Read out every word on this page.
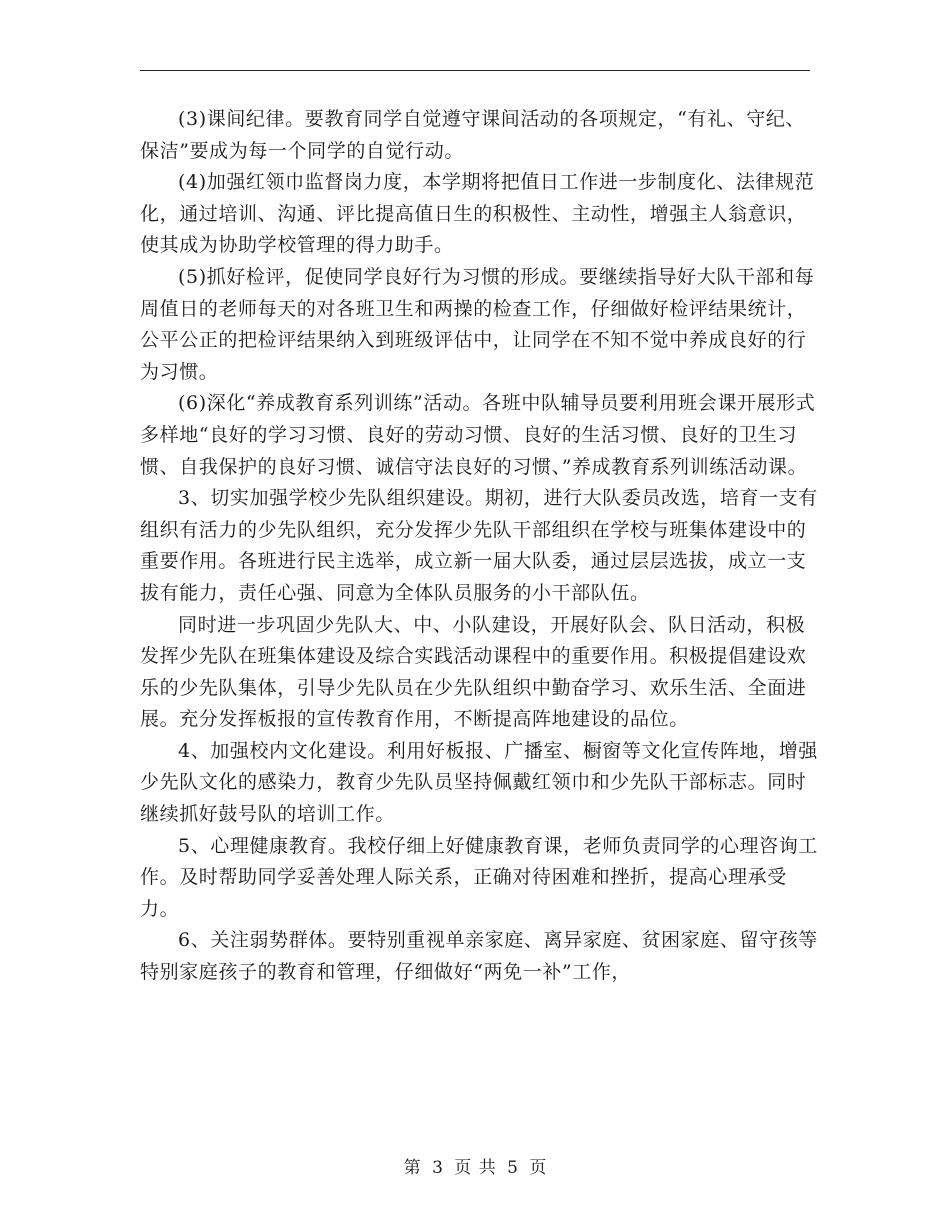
(3)课间纪律。要教育同学自觉遵守课间活动的各项规定，“有礼、守纪、保洁”要成为每一个同学的自觉行动。

(4)加强红领巾监督岗力度，本学期将把值日工作进一步制度化、法律规范化，通过培训、沟通、评比提高值日生的积极性、主动性，增强主人翁意识，使其成为协助学校管理的得力助手。

(5)抓好检评，促使同学良好行为习惯的形成。要继续指导好大队干部和每周值日的老师每天的对各班卫生和两操的检查工作，仔细做好检评结果统计，公平公正的把检评结果纳入到班级评估中，让同学在不知不觉中养成良好的行为习惯。

(6)深化“养成教育系列训练”活动。各班中队辅导员要利用班会课开展形式多样地“良好的学习习惯、良好的劳动习惯、良好的生活习惯、良好的卫生习惯、自我保护的良好习惯、诚信守法良好的习惯、”养成教育系列训练活动课。

3、切实加强学校少先队组织建设。期初，进行大队委员改选，培育一支有组织有活力的少先队组织，充分发挥少先队干部组织在学校与班集体建设中的重要作用。各班进行民主选举，成立新一届大队委，通过层层选拔，成立一支拔有能力，责任心强、同意为全体队员服务的小干部队伍。

同时进一步巩固少先队大、中、小队建设，开展好队会、队日活动，积极发挥少先队在班集体建设及综合实践活动课程中的重要作用。积极提倡建设欢乐的少先队集体，引导少先队员在少先队组织中勤奋学习、欢乐生活、全面进展。充分发挥板报的宣传教育作用，不断提高阵地建设的品位。

4、加强校内文化建设。利用好板报、广播室、橱窗等文化宣传阵地，增强少先队文化的感染力，教育少先队员坚持佩戴红领巾和少先队干部标志。同时继续抓好鼓号队的培训工作。

5、心理健康教育。我校仔细上好健康教育课，老师负责同学的心理咨询工作。及时帮助同学妥善处理人际关系，正确对待困难和挫折，提高心理承受力。

6、关注弱势群体。要特别重视单亲家庭、离异家庭、贫困家庭、留守孩等特别家庭孩子的教育和管理，仔细做好“两免一补”工作，

第 3 页 共 5 页
